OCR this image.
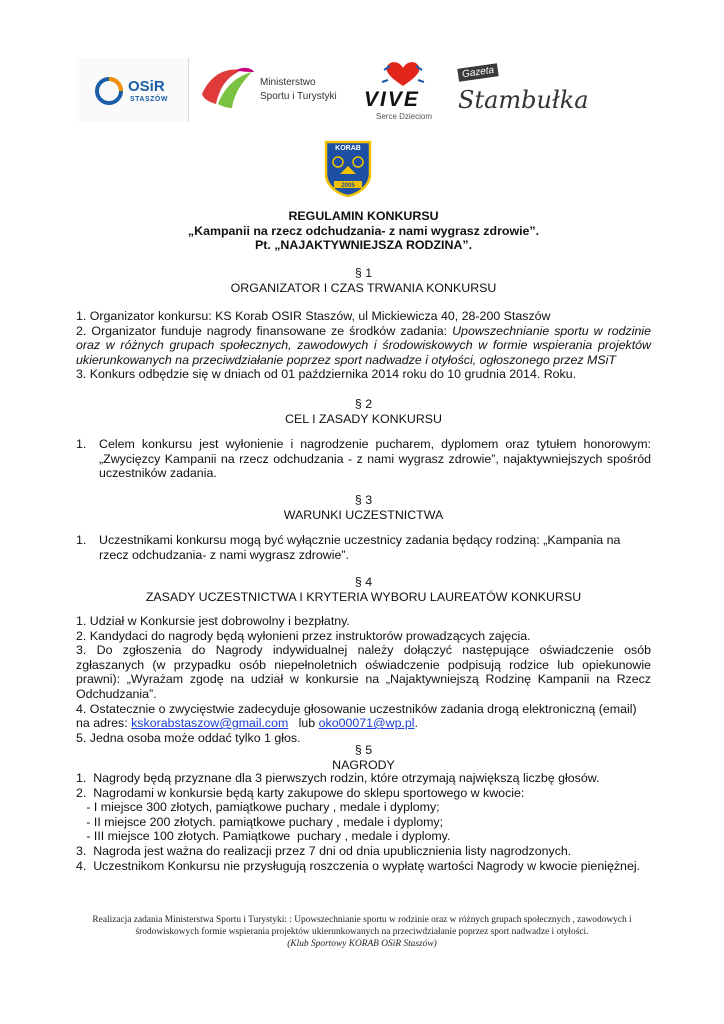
OSiR
STASZÓW
Ministerstwo
Sportu i Turystyki VIVE
Serce Dzieciom
Gazeta
Stambułka
KORAB
2005

REGULAMIN KONKURSU

„Kampanii na rzecz odchudzania- z nami wygrasz zdrowie”.

Pt. „NAJAKTYWNIEJSZA RODZINA”.

§ 1

ORGANIZATOR I CZAS TRWANIA KONKURSU

1. Organizator konkursu: KS Korab OSIR Staszów, ul Mickiewicza 40, 28-200 Staszów

2. Organizator funduje nagrody finansowane ze środków zadania: Upowszechnianie sportu w rodzinie oraz w różnych grupach społecznych, zawodowych i środowiskowych w formie wspierania projektów ukierunkowanych na przeciwdziałanie poprzez sport nadwadze i otyłości, ogłoszonego przez MSiT

3. Konkurs odbędzie się w dniach od 01 października 2014 roku do 10 grudnia 2014. Roku.

§ 2

CEL I ZASADY KONKURSU

1.	Celem konkursu jest wyłonienie i nagrodzenie pucharem, dyplomem oraz tytułem honorowym: „Zwycięzcy Kampanii na rzecz odchudzania - z nami wygrasz zdrowie”, najaktywniejszych spośród uczestników zadania.

§ 3

WARUNKI UCZESTNICTWA

1.	Uczestnikami konkursu mogą być wyłącznie uczestnicy zadania będący rodziną: „Kampania na rzecz odchudzania- z nami wygrasz zdrowie”.

§ 4

ZASADY UCZESTNICTWA I KRYTERIA WYBORU LAUREATÓW KONKURSU

1. Udział w Konkursie jest dobrowolny i bezpłatny.

2. Kandydaci do nagrody będą wyłonieni przez instruktorów prowadzących zajęcia.

3. Do zgłoszenia do Nagrody indywidualnej należy dołączyć następujące oświadczenie osób zgłaszanych (w przypadku osób niepełnoletnich oświadczenie podpisują rodzice lub opiekunowie prawni): „Wyrażam zgodę na udział w konkursie na „Najaktywniejszą Rodzinę Kampanii na Rzecz Odchudzania”.

4. Ostatecznie o zwycięstwie zadecyduje głosowanie uczestników zadania drogą elektroniczną (email) na adres: kskorabstaszow@gmail.com   lub oko00071@wp.pl.

5. Jedna osoba może oddać tylko 1 głos.

§ 5

NAGRODY

1.  Nagrody będą przyznane dla 3 pierwszych rodzin, które otrzymają największą liczbę głosów.

2.  Nagrodami w konkursie będą karty zakupowe do sklepu sportowego w kwocie:

- I miejsce 300 złotych, pamiątkowe puchary , medale i dyplomy;

- II miejsce 200 złotych. pamiątkowe puchary , medale i dyplomy;

- III miejsce 100 złotych. Pamiątkowe  puchary , medale i dyplomy.

3.  Nagroda jest ważna do realizacji przez 7 dni od dnia upublicznienia listy nagrodzonych.

4.  Uczestnikom Konkursu nie przysługują roszczenia o wypłatę wartości Nagrody w kwocie pieniężnej.

Realizacja zadania Ministerstwa Sportu i Turystyki: : Upowszechnianie sportu w rodzinie oraz w różnych grupach społecznych , zawodowych i
środowiskowych formie wspierania projektów ukierunkowanych na przeciwdziałanie poprzez sport nadwadze i otyłości.
(Klub Sportowy KORAB OSiR Staszów)
